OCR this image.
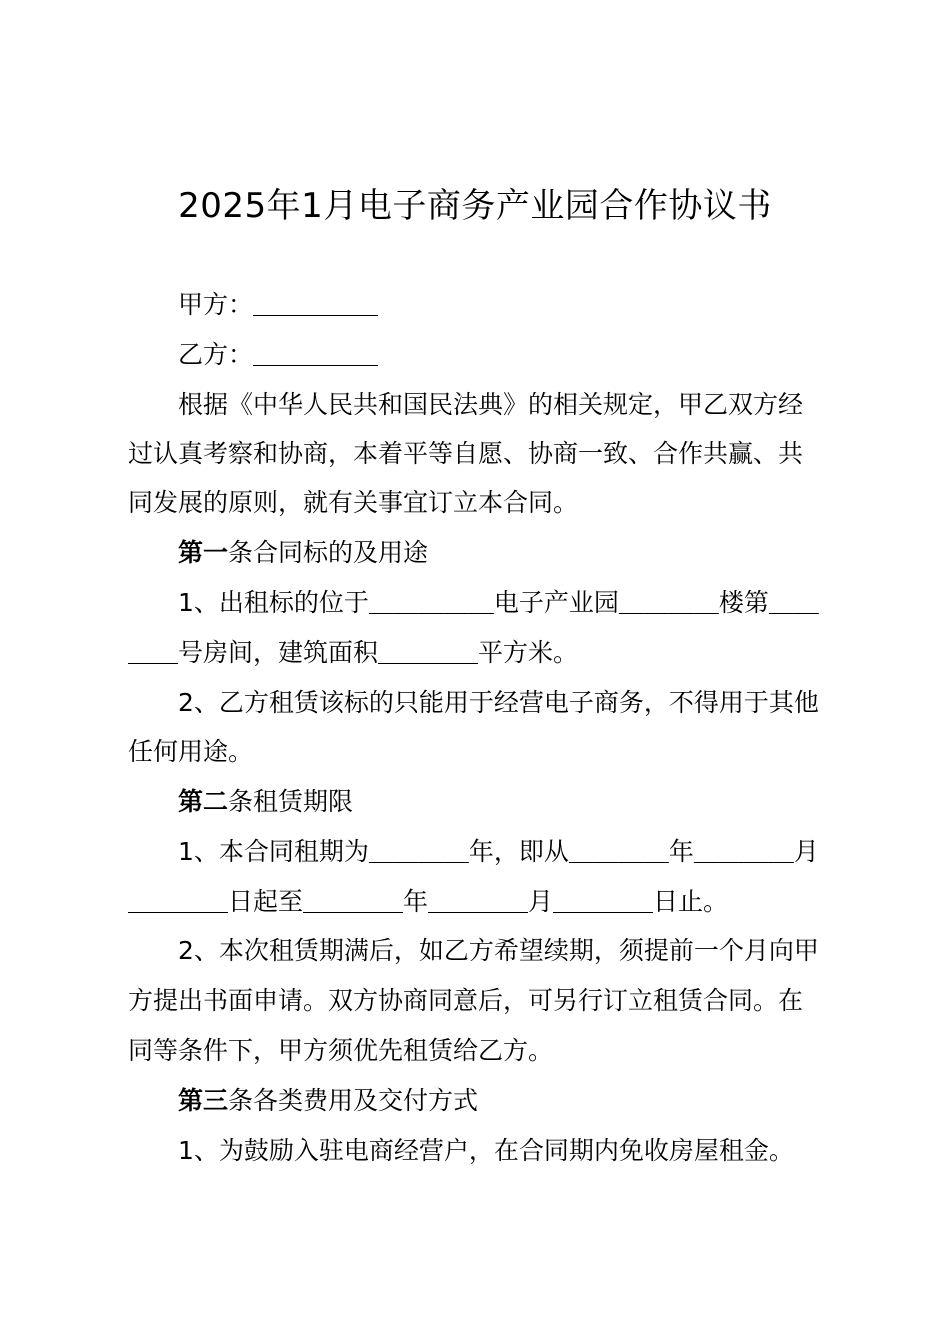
2025年1月电子商务产业园合作协议书
甲方：＿＿＿＿＿
乙方：＿＿＿＿＿
根据《中华人民共和国民法典》的相关规定，甲乙双方经
过认真考察和协商，本着平等自愿、协商一致、合作共赢、共
同发展的原则，就有关事宜订立本合同。
第一条合同标的及用途
1、出租标的位于＿＿＿＿＿电子产业园＿＿＿＿楼第＿＿
＿＿号房间，建筑面积＿＿＿＿平方米。
2、乙方租赁该标的只能用于经营电子商务，不得用于其他
任何用途。
第二条租赁期限
1、本合同租期为＿＿＿＿年，即从＿＿＿＿年＿＿＿＿月
＿＿＿＿日起至＿＿＿＿年＿＿＿＿月＿＿＿＿日止。
2、本次租赁期满后，如乙方希望续期，须提前一个月向甲
方提出书面申请。双方协商同意后，可另行订立租赁合同。在
同等条件下，甲方须优先租赁给乙方。
第三条各类费用及交付方式
1、为鼓励入驻电商经营户，在合同期内免收房屋租金。
